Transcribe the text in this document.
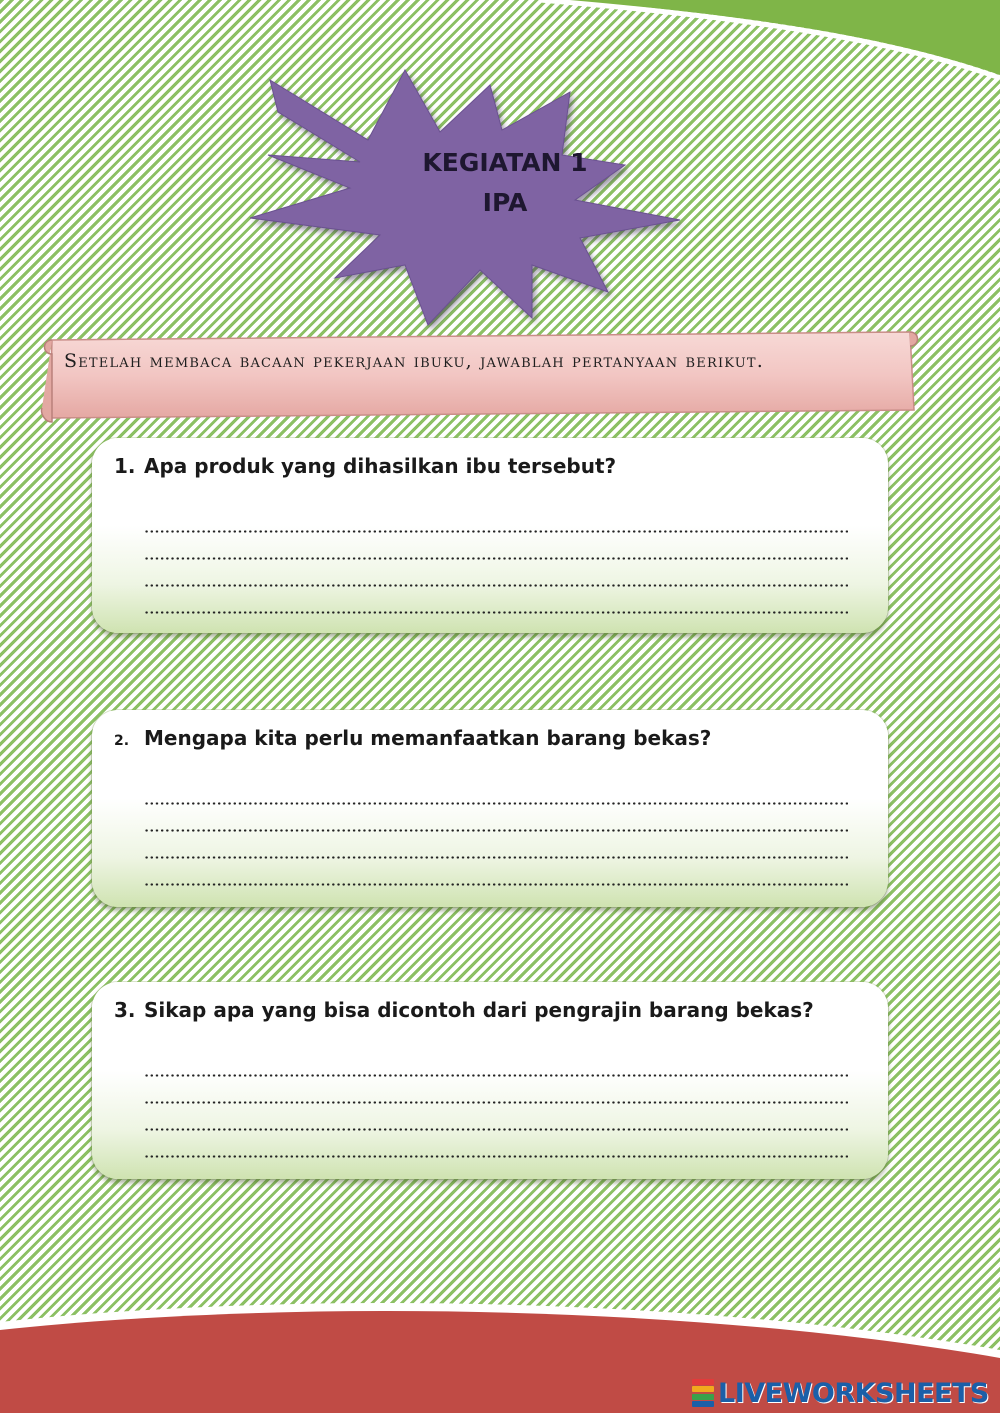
KEGIATAN 1
IPA
Setelah membaca bacaan pekerjaan ibuku, jawablah pertanyaan berikut.
1. Apa produk yang dihasilkan ibu tersebut?
2. Mengapa kita perlu memanfaatkan barang bekas?
3. Sikap apa yang bisa dicontoh dari pengrajin barang bekas?
LIVEWORKSHEETS
